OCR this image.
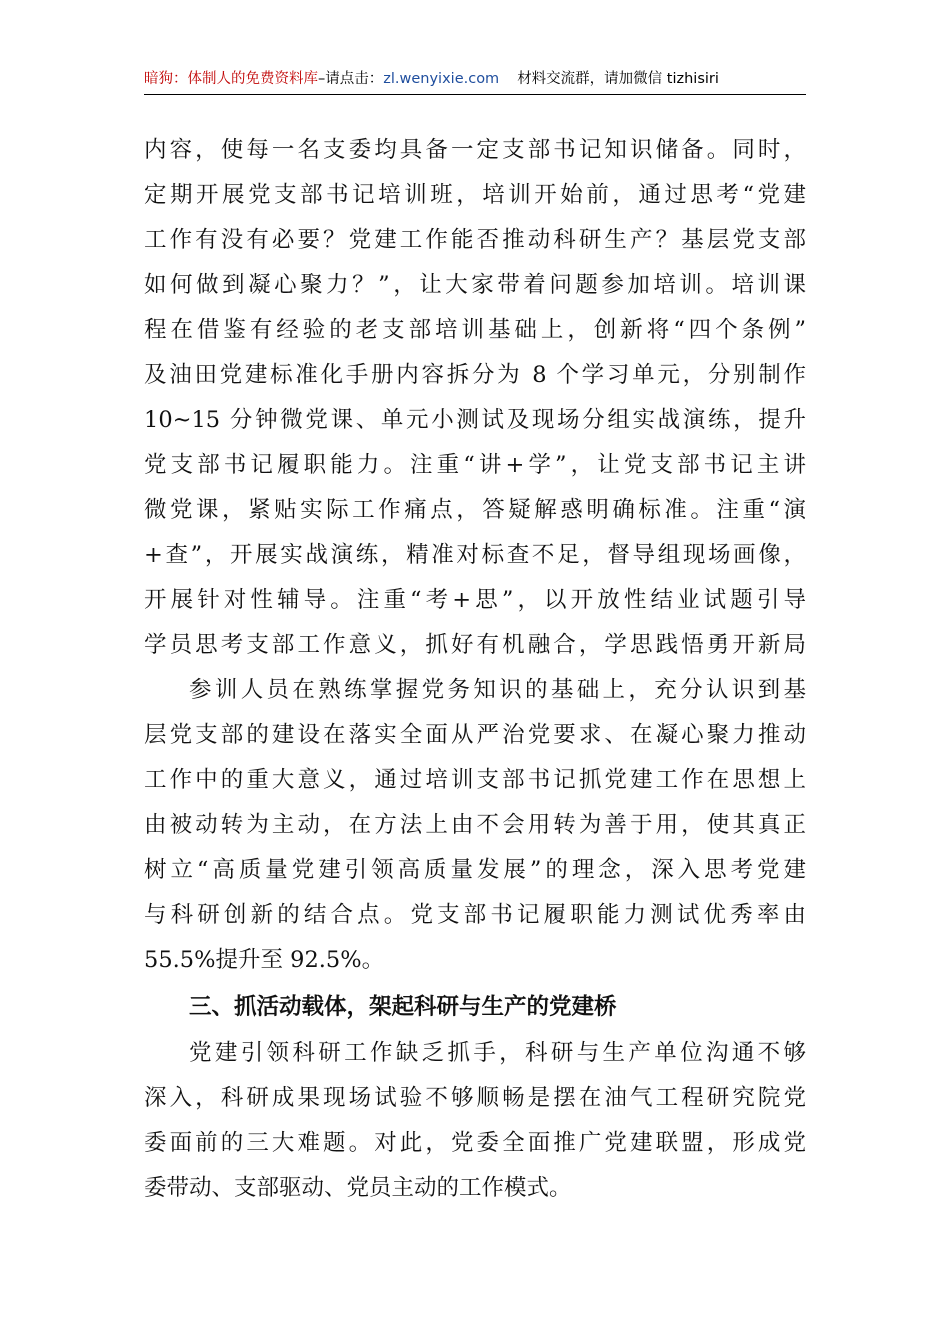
暗狗：体制人的免费资料库–请点击：zl.wenyixie.com 材料交流群，请加微信 tizhisiri
内容，使每一名支委均具备一定支部书记知识储备。同时，
定期开展党支部书记培训班，培训开始前，通过思考“党建
工作有没有必要？党建工作能否推动科研生产？基层党支部
如何做到凝心聚力？”，让大家带着问题参加培训。培训课
程在借鉴有经验的老支部培训基础上，创新将“四个条例”
及油田党建标准化手册内容拆分为 8 个学习单元，分别制作
10~15 分钟微党课、单元小测试及现场分组实战演练，提升
党支部书记履职能力。注重“讲+学”，让党支部书记主讲
微党课，紧贴实际工作痛点，答疑解惑明确标准。注重“演
+查”，开展实战演练，精准对标查不足，督导组现场画像，
开展针对性辅导。注重“考+思”，以开放性结业试题引导
学员思考支部工作意义，抓好有机融合，学思践悟勇开新局
参训人员在熟练掌握党务知识的基础上，充分认识到基
层党支部的建设在落实全面从严治党要求、在凝心聚力推动
工作中的重大意义，通过培训支部书记抓党建工作在思想上
由被动转为主动，在方法上由不会用转为善于用，使其真正
树立“高质量党建引领高质量发展”的理念，深入思考党建
与科研创新的结合点。党支部书记履职能力测试优秀率由
55.5%提升至 92.5%。
三、抓活动载体，架起科研与生产的党建桥
党建引领科研工作缺乏抓手，科研与生产单位沟通不够
深入，科研成果现场试验不够顺畅是摆在油气工程研究院党
委面前的三大难题。对此，党委全面推广党建联盟，形成党
委带动、支部驱动、党员主动的工作模式。
